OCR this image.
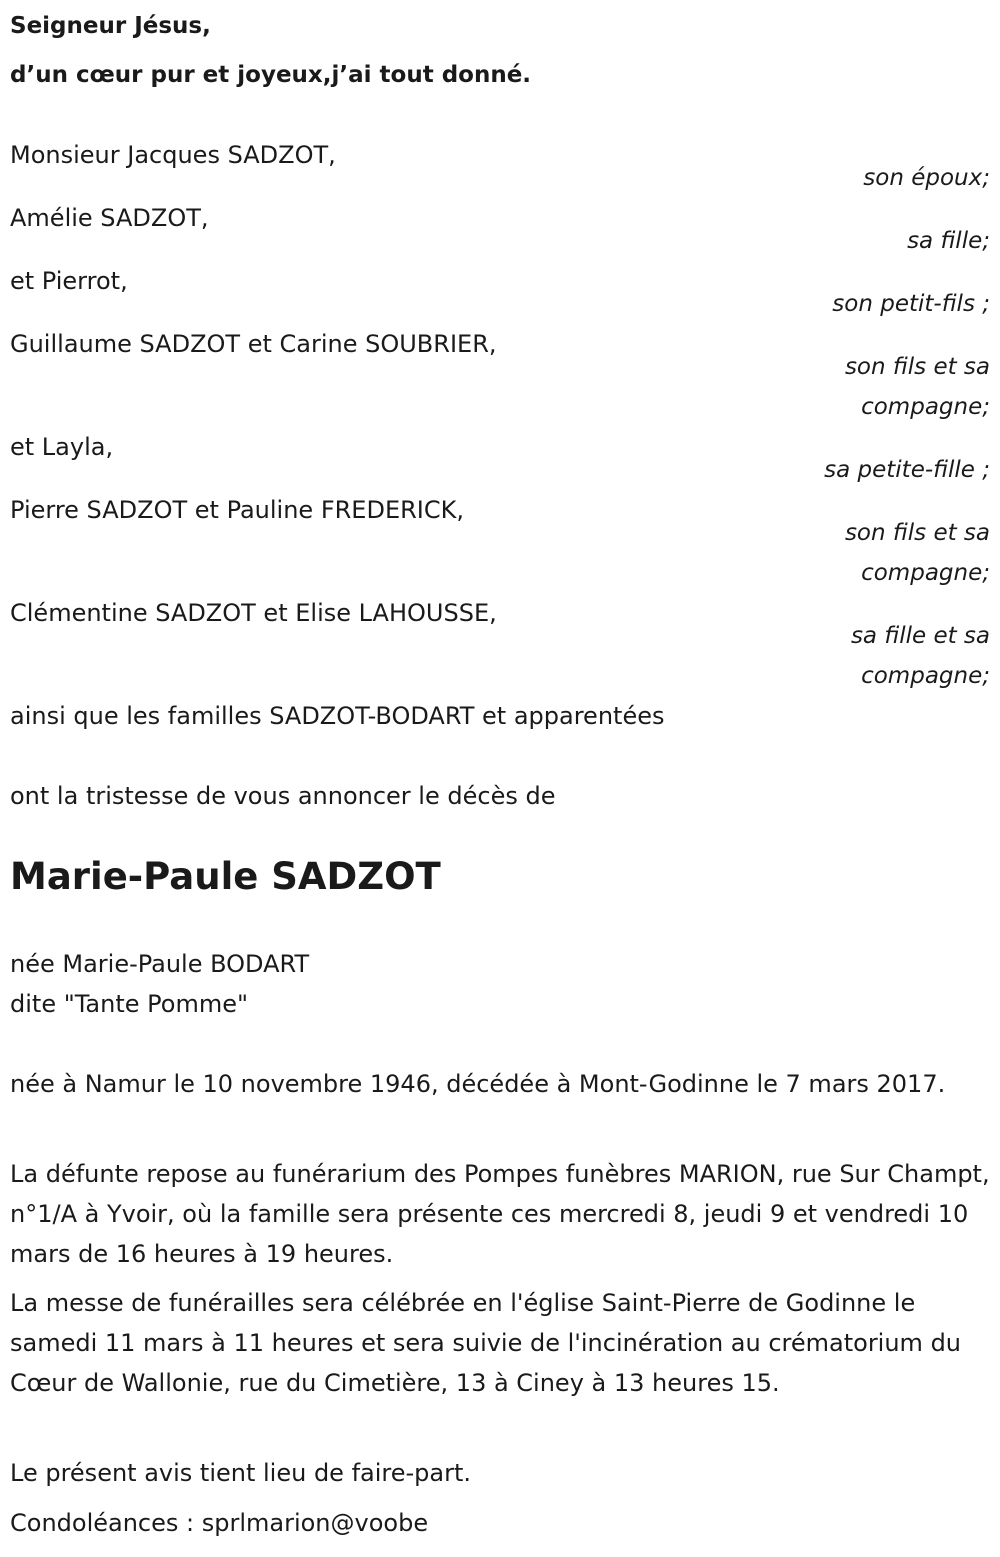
Seigneur Jésus,
d’un cœur pur et joyeux,j’ai tout donné.
Monsieur Jacques SADZOT,
son époux;
Amélie SADZOT,
sa fille;
et Pierrot,
son petit-fils ;
Guillaume SADZOT et Carine SOUBRIER,
son fils et sa compagne;
et Layla,
sa petite-fille ;
Pierre SADZOT et Pauline FREDERICK,
son fils et sa compagne;
Clémentine SADZOT et Elise LAHOUSSE,
sa fille et sa compagne;
ainsi que les familles SADZOT-BODART et apparentées
ont la tristesse de vous annoncer le décès de
Marie-Paule SADZOT
née Marie-Paule BODART
dite "Tante Pomme"
née à Namur le 10 novembre 1946, décédée à Mont-Godinne le 7 mars 2017.
La défunte repose au funérarium des Pompes funèbres MARION, rue Sur Champt, n°1/A à Yvoir, où la famille sera présente ces mercredi 8, jeudi 9 et vendredi 10 mars de 16 heures à 19 heures.
La messe de funérailles sera célébrée en l'église Saint-Pierre de Godinne le samedi 11 mars à 11 heures et sera suivie de l'incinération au crématorium du Cœur de Wallonie, rue du Cimetière, 13 à Ciney à 13 heures 15.
Le présent avis tient lieu de faire-part.
Condoléances : sprlmarion@voobe
